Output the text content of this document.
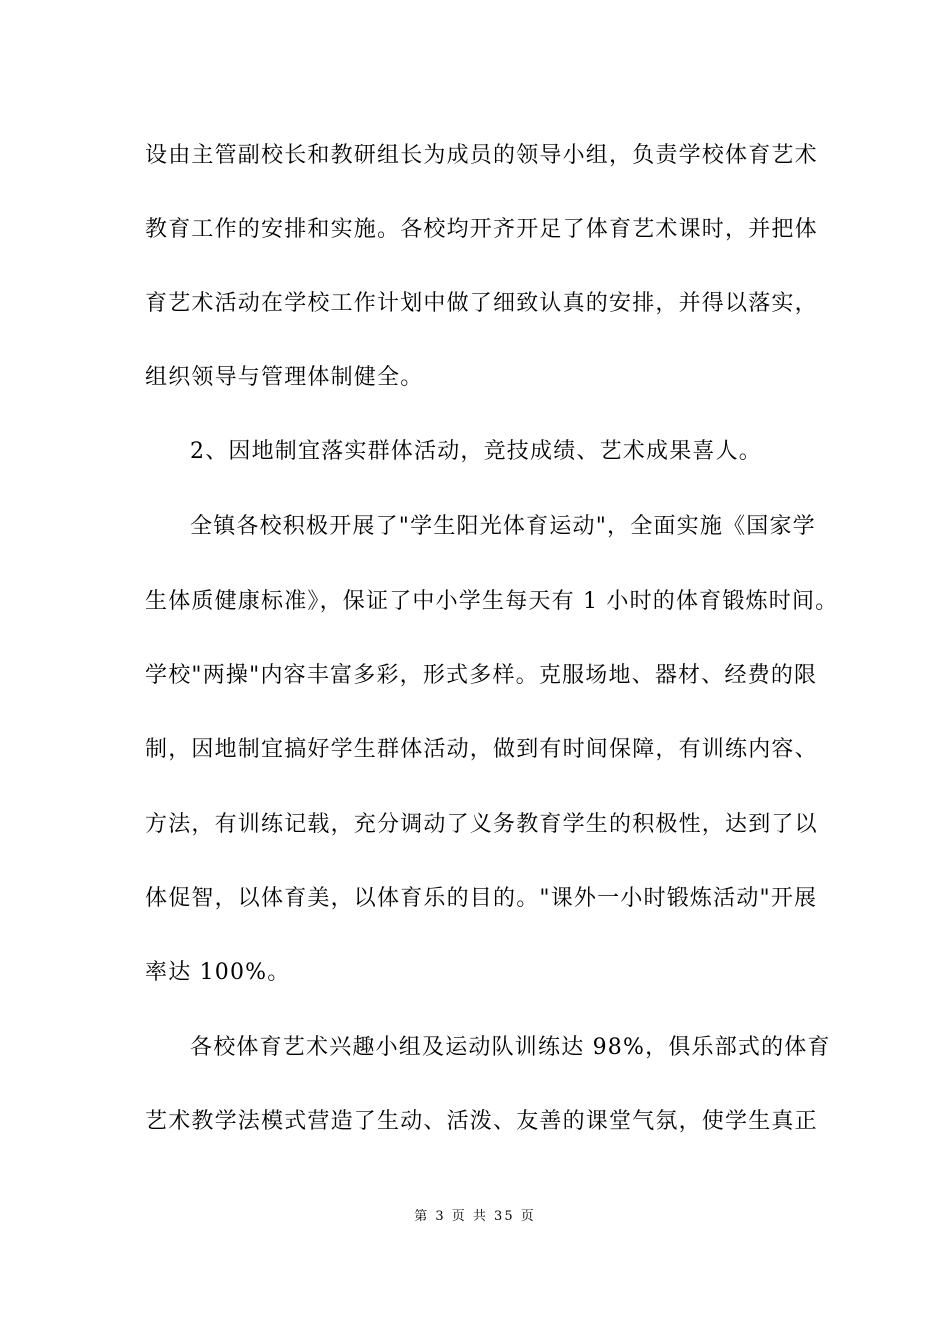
设由主管副校长和教研组长为成员的领导小组，负责学校体育艺术
教育工作的安排和实施。各校均开齐开足了体育艺术课时，并把体
育艺术活动在学校工作计划中做了细致认真的安排，并得以落实，
组织领导与管理体制健全。
2、因地制宜落实群体活动，竞技成绩、艺术成果喜人。
全镇各校积极开展了"学生阳光体育运动"，全面实施《国家学
生体质健康标准》，保证了中小学生每天有 1 小时的体育锻炼时间。
学校"两操"内容丰富多彩，形式多样。克服场地、器材、经费的限
制，因地制宜搞好学生群体活动，做到有时间保障，有训练内容、
方法，有训练记载，充分调动了义务教育学生的积极性，达到了以
体促智，以体育美，以体育乐的目的。"课外一小时锻炼活动"开展
率达 100%。
各校体育艺术兴趣小组及运动队训练达 98%，俱乐部式的体育
艺术教学法模式营造了生动、活泼、友善的课堂气氛，使学生真正
第 3 页 共 35 页
